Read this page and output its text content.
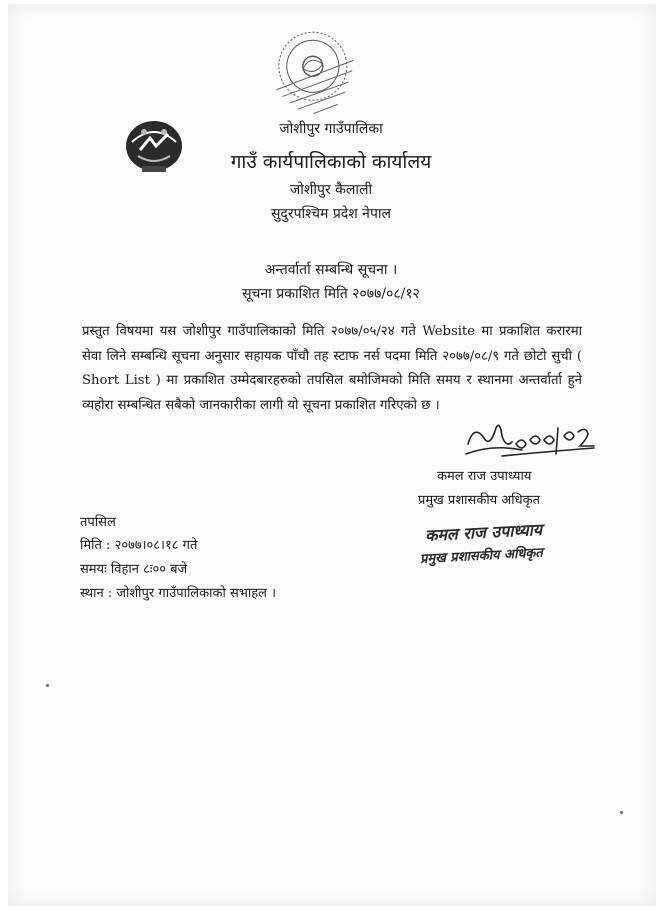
जोशीपुर गाउँपालिका
गाउँ कार्यपालिकाको कार्यालय
जोशीपुर कैलाली
सुदुरपश्चिम प्रदेश नेपाल
अन्तर्वार्ता सम्बन्धि सूचना ।
सूचना प्रकाशित मिति २०७७/०८/१२
प्रस्तुत विषयमा यस जोशीपुर गाउँपालिकाको मिति २०७७/०५/२४ गते Website मा प्रकाशित करारमा सेवा लिने सम्बन्धि सूचना अनुसार सहायक पाँचौ तह स्टाफ नर्स पदमा मिति २०७७/०८/९ गते छोटो सुची ( Short List ) मा प्रकाशित उम्मेदबारहरुको तपसिल बमोजिमको मिति समय र स्थानमा अन्तर्वार्ता हुने व्यहोरा सम्बन्धित सबैको जानकारीका लागी यो सूचना प्रकाशित गरिएको छ ।
कमल राज उपाध्याय
प्रमुख प्रशासकीय अधिकृत
कमल राज उपाध्याय
प्रमुख प्रशासकीय अधिकृत
तपसिल
मिति : २०७७।०८।१८ गते
समयः विहान ८ः०० बजे
स्थान : जोशीपुर गाउँपालिकाको सभाहल ।
